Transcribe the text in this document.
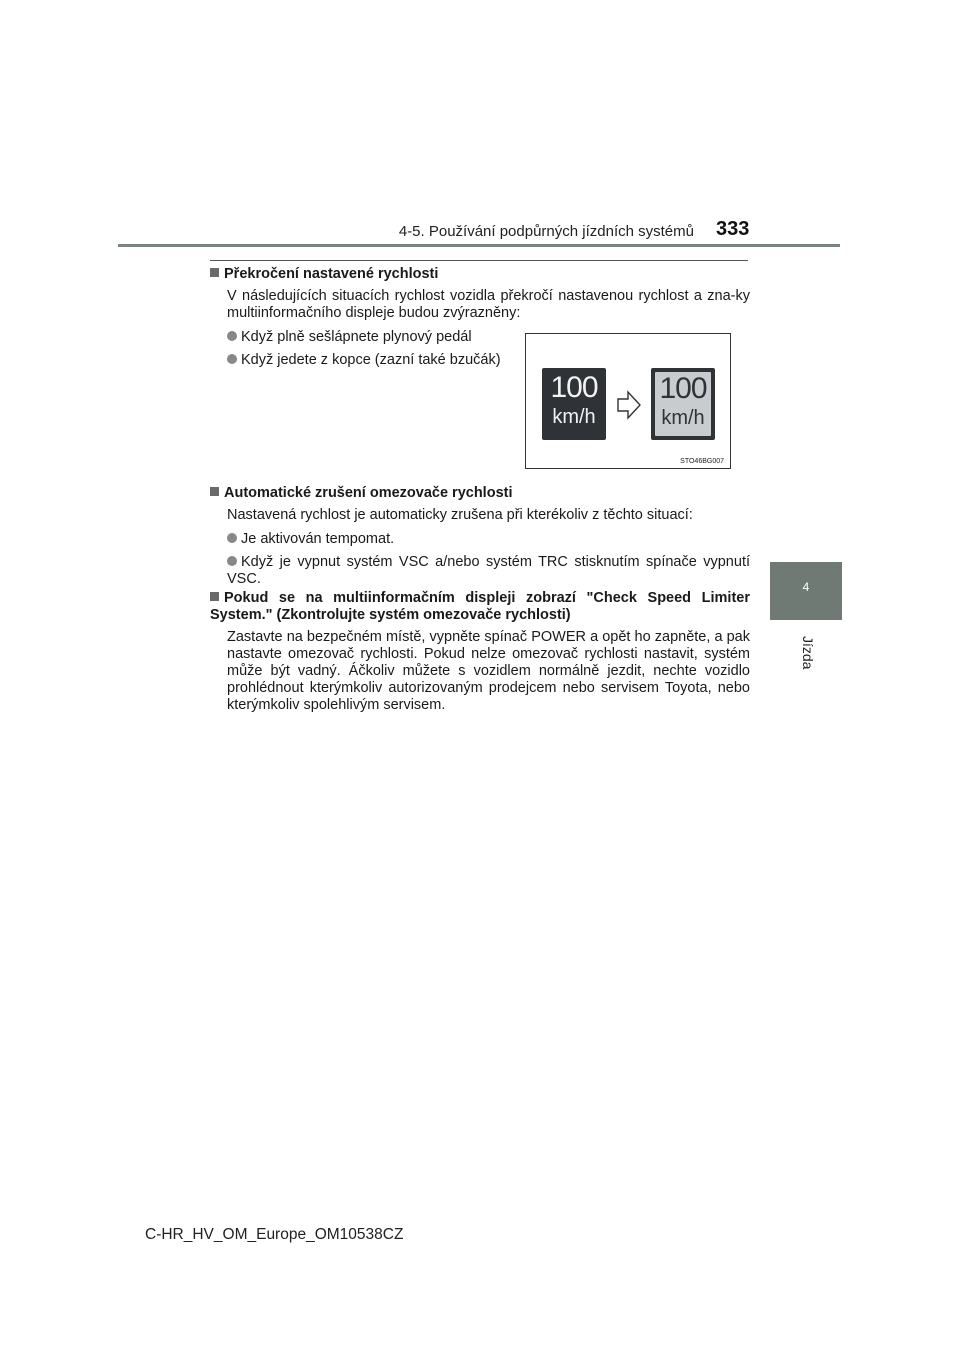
4-5. Používání podpůrných jízdních systémů 333
4
Jízda
Překročení nastavené rychlosti
V následujících situacích rychlost vozidla překročí nastavenou rychlost a zna-ky multiinformačního displeje budou zvýrazněny:
Když plně sešlápnete plynový pedál
Když jedete z kopce (zazní také bzučák)
100
km/h
100
km/h
STO46BG007
Automatické zrušení omezovače rychlosti
Nastavená rychlost je automaticky zrušena při kterékoliv z těchto situací:
Je aktivován tempomat.
Když je vypnut systém VSC a/nebo systém TRC stisknutím spínače vypnutí VSC.
Pokud se na multiinformačním displeji zobrazí "Check Speed Limiter System." (Zkontrolujte systém omezovače rychlosti)
Zastavte na bezpečném místě, vypněte spínač POWER a opět ho zapněte, a pak nastavte omezovač rychlosti. Pokud nelze omezovač rychlosti nastavit, systém může být vadný. Áčkoliv můžete s vozidlem normálně jezdit, nechte vozidlo prohlédnout kterýmkoliv autorizovaným prodejcem nebo servisem Toyota, nebo kterýmkoliv spolehlivým servisem.
C-HR_HV_OM_Europe_OM10538CZ
